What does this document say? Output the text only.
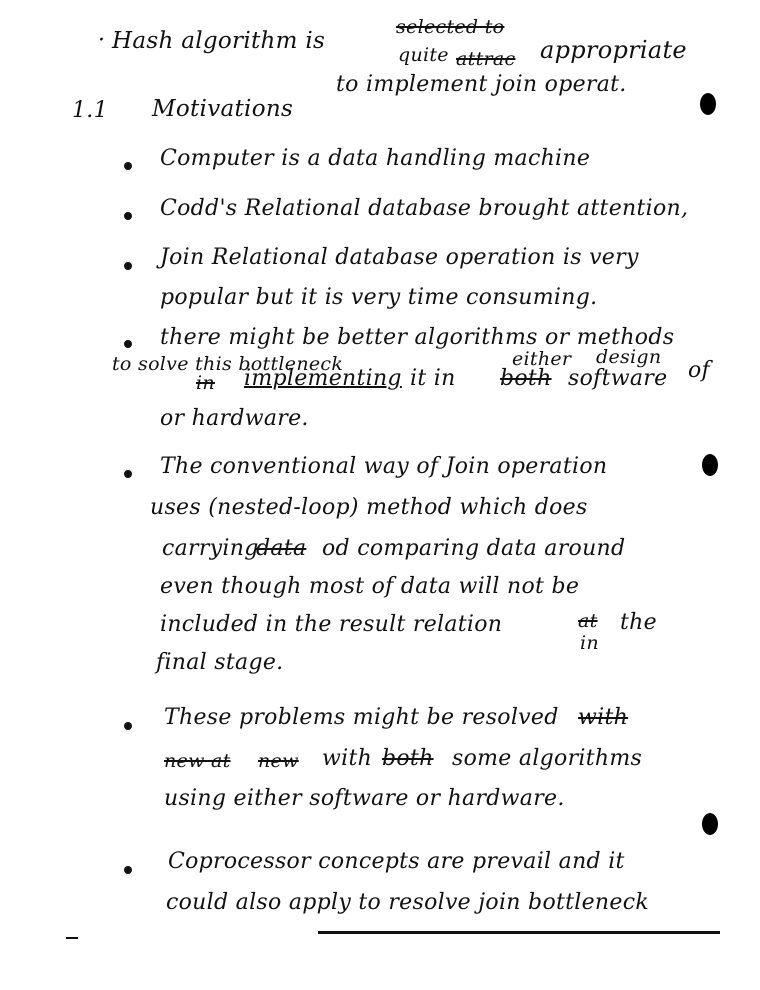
· Hash algorithm is
selected to
quite attrac appropriate
to implement join operat.
1.1 Motivations
Computer is a data handling machine
Codd's Relational database brought attention,
Join Relational database operation is very
popular but it is very time consuming.
there might be better algorithms or methods
to solve this bottleneck
in implementing it in
either
both software
design
of
or hardware.
The conventional way of Join operation
uses (nested-loop) method which does
carrying
data od comparing data around
even though most of data will not be
included in the result relation	at the
in
final stage.
These problems might be resolved with
new at new with both some algorithms
using either software or hardware.
Coprocessor concepts are prevail and it
could also apply to resolve join bottleneck
